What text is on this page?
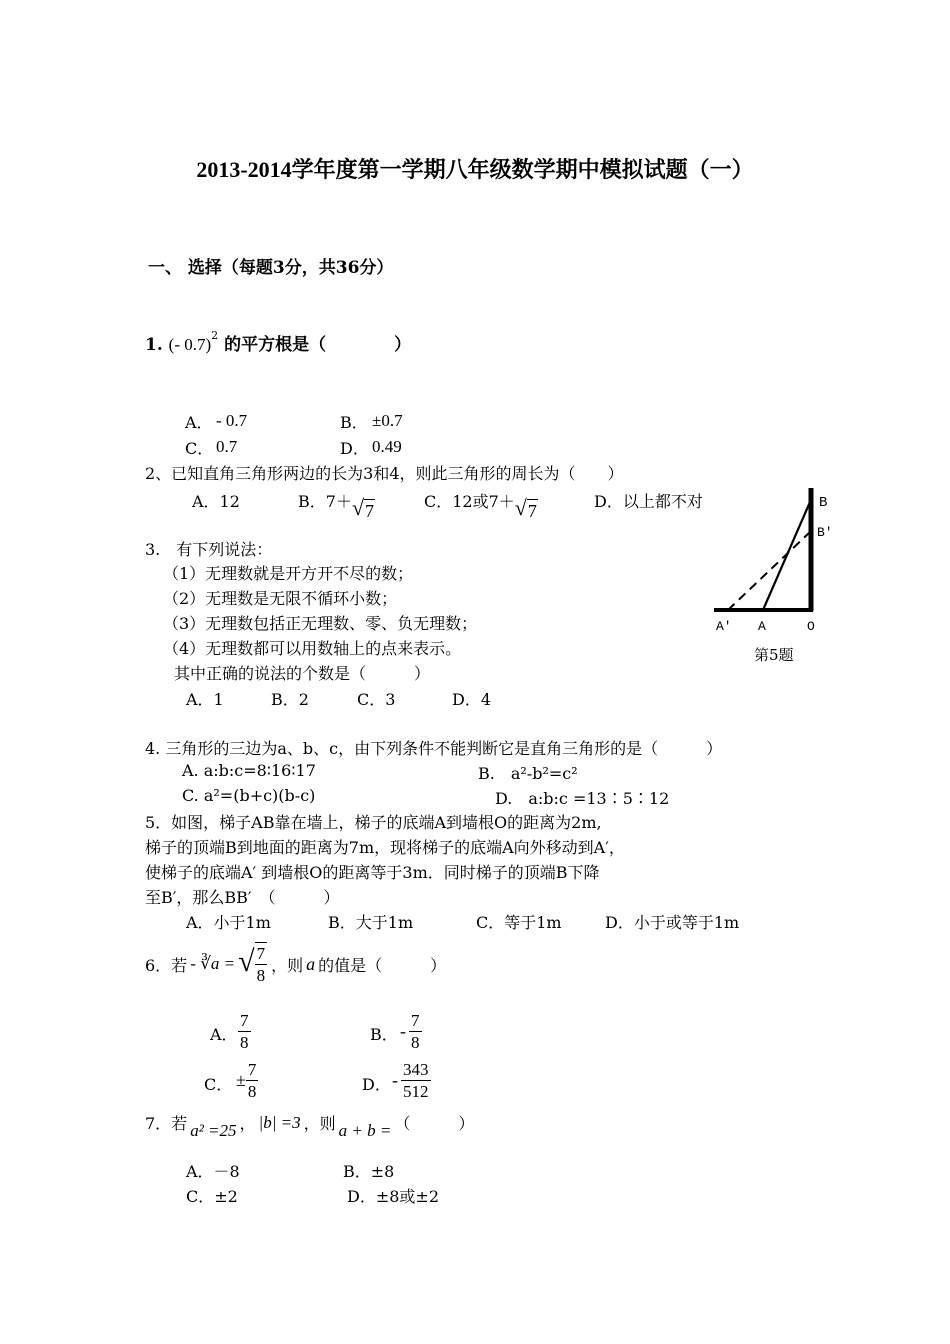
2013-2014学年度第一学期八年级数学期中模拟试题（一）
一、 选择（每题3分，共36分）
1. (- 0.7)$^2$ 的平方根是（　　　　）
A． - 0.7	B． ±0.7
C． 0.7	D． 0.49
2、已知直角三角形两边的长为3和4，则此三角形的周长为（　　）
A．12	B．7＋ √ 7	C．12或7＋ √ 7	D．以上都不对	B
B′
A′ A	O
第5题
3.　有下列说法：
（1）无理数就是开方开不尽的数；
（2）无理数是无限不循环小数；
（3）无理数包括正无理数、零、负无理数；
（4）无理数都可以用数轴上的点来表示。
其中正确的说法的个数是（　　　）
A．1	B．2	C．3	D．4
4. 三角形的三边为a、b、c，由下列条件不能判断它是直角三角形的是（　　　）
A. a:b:c=8∶16∶17	B.　a²-b²=c²
C. a²=(b+c)(b-c)	D.　a:b:c =13∶5∶12
5．如图，梯子AB靠在墙上，梯子的底端A到墙根O的距离为2m,
梯子的顶端B到地面的距离为7m，现将梯子的底端A向外移动到A′，
使梯子的底端A′ 到墙根O的距离等于3m．同时梯子的顶端B下降
至B′，那么BB′　（　　　）
A．小于1m	B．大于1m	C．等于1m	D．小于或等于1m
6．若 - ∛a = √ $\frac{7}{8}$ ，则 a 的值是（　　　）
A． $\frac{7}{8}$	B． - $\frac{7}{8}$
C． ± $\frac{7}{8}$	D． - $\frac{343}{512}$
7．若 a² =25 ， |b| =3 ，则 a + b = （　　　）
A．－8	B．±8
C．±2	D．±8或±2
